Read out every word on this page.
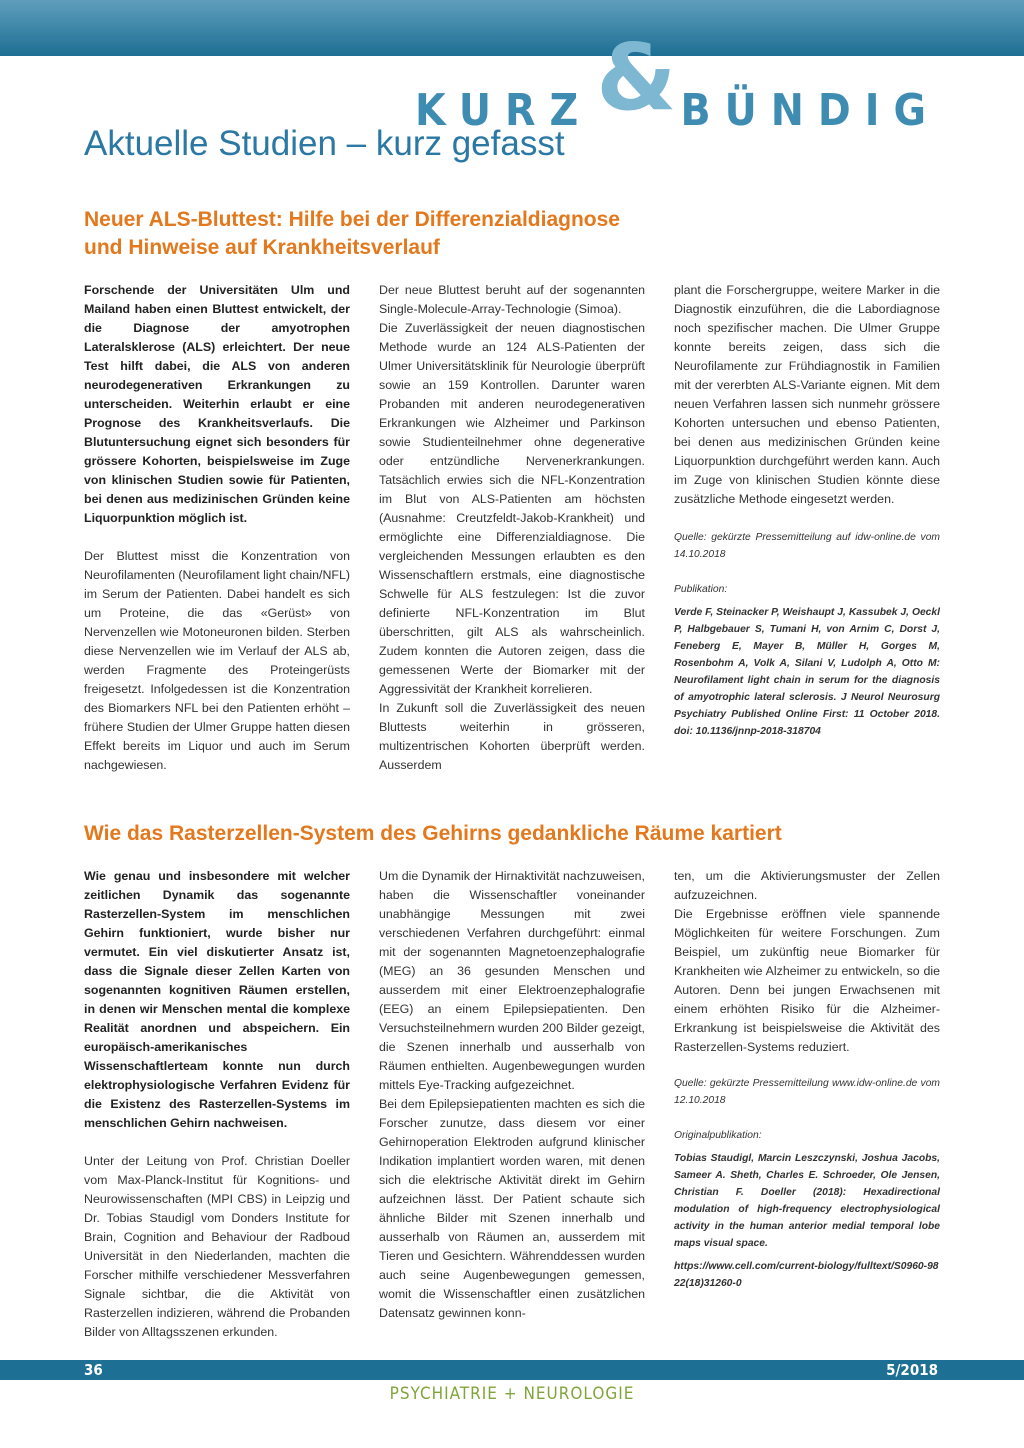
KURZ&BÜNDIG
Aktuelle Studien – kurz gefasst
Neuer ALS-Bluttest: Hilfe bei der Differenzialdiagnose
und Hinweise auf Krankheitsverlauf

Forschende der Universitäten Ulm und Mailand haben einen Bluttest entwickelt, der die Diagnose der amyotrophen Lateralsklerose (ALS) erleichtert. Der neue Test hilft dabei, die ALS von anderen neurodegenerativen Erkrankungen zu unterscheiden. Weiterhin erlaubt er eine Prognose des Krankheitsverlaufs. Die Blutuntersuchung eignet sich besonders für grössere Kohorten, beispielsweise im Zuge von klinischen Studien sowie für Patienten, bei denen aus medizinischen Gründen keine Liquorpunktion möglich ist.

Der Bluttest misst die Konzentration von Neurofilamenten (Neurofilament light chain/NFL) im Serum der Patienten. Dabei handelt es sich um Proteine, die das «Gerüst» von Nervenzellen wie Motoneuronen bilden. Sterben diese Nervenzellen wie im Verlauf der ALS ab, werden Fragmente des Proteingerüsts freigesetzt. Infolgedessen ist die Konzentration des Biomarkers NFL bei den Patienten erhöht – frühere Studien der Ulmer Gruppe hatten diesen Effekt bereits im Liquor und auch im Serum nachgewiesen.

Der neue Bluttest beruht auf der sogenannten Single-Molecule-Array-Technologie (Simoa).

Die Zuverlässigkeit der neuen diagnostischen Methode wurde an 124 ALS-Patienten der Ulmer Universitätsklinik für Neurologie überprüft sowie an 159 Kontrollen. Darunter waren Probanden mit anderen neurodegenerativen Erkrankungen wie Alzheimer und Parkinson sowie Studienteilnehmer ohne degenerative oder entzündliche Nervenerkrankungen. Tatsächlich erwies sich die NFL-Konzentration im Blut von ALS-Patienten am höchsten (Ausnahme: Creutzfeldt-Jakob-Krankheit) und ermöglichte eine Differenzialdiagnose. Die vergleichenden Messungen erlaubten es den Wissenschaftlern erstmals, eine diagnostische Schwelle für ALS festzulegen: Ist die zuvor definierte NFL-Konzentration im Blut überschritten, gilt ALS als wahrscheinlich. Zudem konnten die Autoren zeigen, dass die gemessenen Werte der Biomarker mit der Aggressivität der Krankheit korrelieren.

In Zukunft soll die Zuverlässigkeit des neuen Bluttests weiterhin in grösseren, multizentrischen Kohorten überprüft werden. Ausserdem

plant die Forschergruppe, weitere Marker in die Diagnostik einzuführen, die die Labordiagnose noch spezifischer machen. Die Ulmer Gruppe konnte bereits zeigen, dass sich die Neurofilamente zur Frühdiagnostik in Familien mit der vererbten ALS-Variante eignen. Mit dem neuen Verfahren lassen sich nunmehr grössere Kohorten untersuchen und ebenso Patienten, bei denen aus medizinischen Gründen keine Liquorpunktion durchgeführt werden kann. Auch im Zuge von klinischen Studien könnte diese zusätzliche Methode eingesetzt werden.

Quelle: gekürzte Pressemitteilung auf idw-online.de vom 14.10.2018

Publikation:

Verde F, Steinacker P, Weishaupt J, Kassubek J, Oeckl P, Halbgebauer S, Tumani H, von Arnim C, Dorst J, Feneberg E, Mayer B, Müller H, Gorges M, Rosenbohm A, Volk A, Silani V, Ludolph A, Otto M: Neurofilament light chain in serum for the diagnosis of amyotrophic lateral sclerosis. J Neurol Neurosurg Psychiatry Published Online First: 11 October 2018. doi: 10.1136/jnnp-2018-318704

Wie das Rasterzellen-System des Gehirns gedankliche Räume kartiert

Wie genau und insbesondere mit welcher zeitlichen Dynamik das sogenannte Rasterzellen-System im menschlichen Gehirn funktioniert, wurde bisher nur vermutet. Ein viel diskutierter Ansatz ist, dass die Signale dieser Zellen Karten von sogenannten kognitiven Räumen erstellen, in denen wir Menschen mental die komplexe Realität anordnen und abspeichern. Ein europäisch-amerikanisches Wissenschaftlerteam konnte nun durch elektrophysiologische Verfahren Evidenz für die Existenz des Rasterzellen-Systems im menschlichen Gehirn nachweisen.

Unter der Leitung von Prof. Christian Doeller vom Max-Planck-Institut für Kognitions- und Neurowissenschaften (MPI CBS) in Leipzig und Dr. Tobias Staudigl vom Donders Institute for Brain, Cognition and Behaviour der Radboud Universität in den Niederlanden, machten die Forscher mithilfe verschiedener Messverfahren Signale sichtbar, die die Aktivität von Rasterzellen indizieren, während die Probanden Bilder von Alltagsszenen erkunden.

Um die Dynamik der Hirnaktivität nachzuweisen, haben die Wissenschaftler voneinander unabhängige Messungen mit zwei verschiedenen Verfahren durchgeführt: einmal mit der sogenannten Magnetoenzephalografie (MEG) an 36 gesunden Menschen und ausserdem mit einer Elektroenzephalografie (EEG) an einem Epilepsiepatienten. Den Versuchsteilnehmern wurden 200 Bilder gezeigt, die Szenen innerhalb und ausserhalb von Räumen enthielten. Augenbewegungen wurden mittels Eye-Tracking aufgezeichnet.

Bei dem Epilepsiepatienten machten es sich die Forscher zunutze, dass diesem vor einer Gehirnoperation Elektroden aufgrund klinischer Indikation implantiert worden waren, mit denen sich die elektrische Aktivität direkt im Gehirn aufzeichnen lässt. Der Patient schaute sich ähnliche Bilder mit Szenen innerhalb und ausserhalb von Räumen an, ausserdem mit Tieren und Gesichtern. Währenddessen wurden auch seine Augenbewegungen gemessen, womit die Wissenschaftler einen zusätzlichen Datensatz gewinnen konn-

ten, um die Aktivierungsmuster der Zellen aufzuzeichnen.

Die Ergebnisse eröffnen viele spannende Möglichkeiten für weitere Forschungen. Zum Beispiel, um zukünftig neue Biomarker für Krankheiten wie Alzheimer zu entwickeln, so die Autoren. Denn bei jungen Erwachsenen mit einem erhöhten Risiko für die Alzheimer-Erkrankung ist beispielsweise die Aktivität des Rasterzellen-Systems reduziert.

Quelle: gekürzte Pressemitteilung www.idw-online.de vom 12.10.2018

Originalpublikation:

Tobias Staudigl, Marcin Leszczynski, Joshua Jacobs, Sameer A. Sheth, Charles E. Schroeder, Ole Jensen, Christian F. Doeller (2018): Hexadirectional modulation of high-frequency electrophysiological activity in the human anterior medial temporal lobe maps visual space.

https://www.cell.com/current-biology/fulltext/S0960-9822(18)31260-0

36	5/2018
PSYCHIATRIE + NEUROLOGIE
